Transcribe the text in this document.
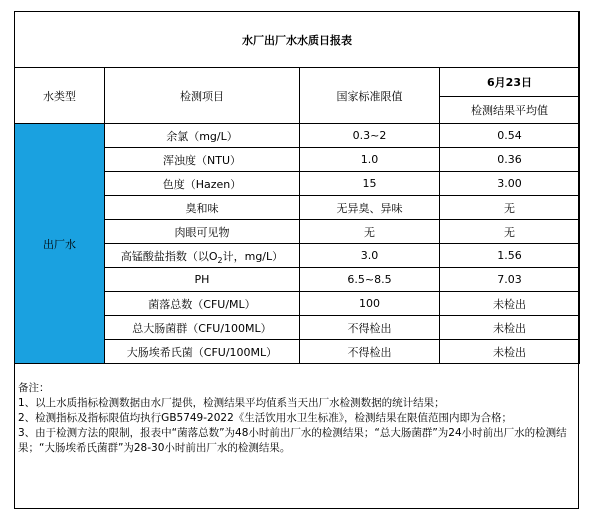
水厂出厂水水质日报表			
水类型	检测项目	国家标准限值	6月23日
			检测结果平均值
出厂水	余氯（mg/L）	0.3~2	0.54
	浑浊度（NTU）	1.0	0.36
	色度（Hazen）	15	3.00
	臭和味	无异臭、异味	无
	肉眼可见物	无	无
	高锰酸盐指数（以$O_2$计，mg/L）	3.0	1.56
	PH	6.5~8.5	7.03
	菌落总数（CFU/ML）	100	未检出
	总大肠菌群（CFU/100ML）	不得检出	未检出
	大肠埃希氏菌（CFU/100ML）	不得检出	未检出

备注：

1、以上水质指标检测数据由水厂提供，检测结果平均值系当天出厂水检测数据的统计结果；

2、检测指标及指标限值均执行GB5749-2022《生活饮用水卫生标准》，检测结果在限值范围内即为合格；

3、由于检测方法的限制，报表中“菌落总数”为48小时前出厂水的检测结果；“总大肠菌群”为24小时前出厂水的检测结果；“大肠埃希氏菌群”为28-30小时前出厂水的检测结果。
